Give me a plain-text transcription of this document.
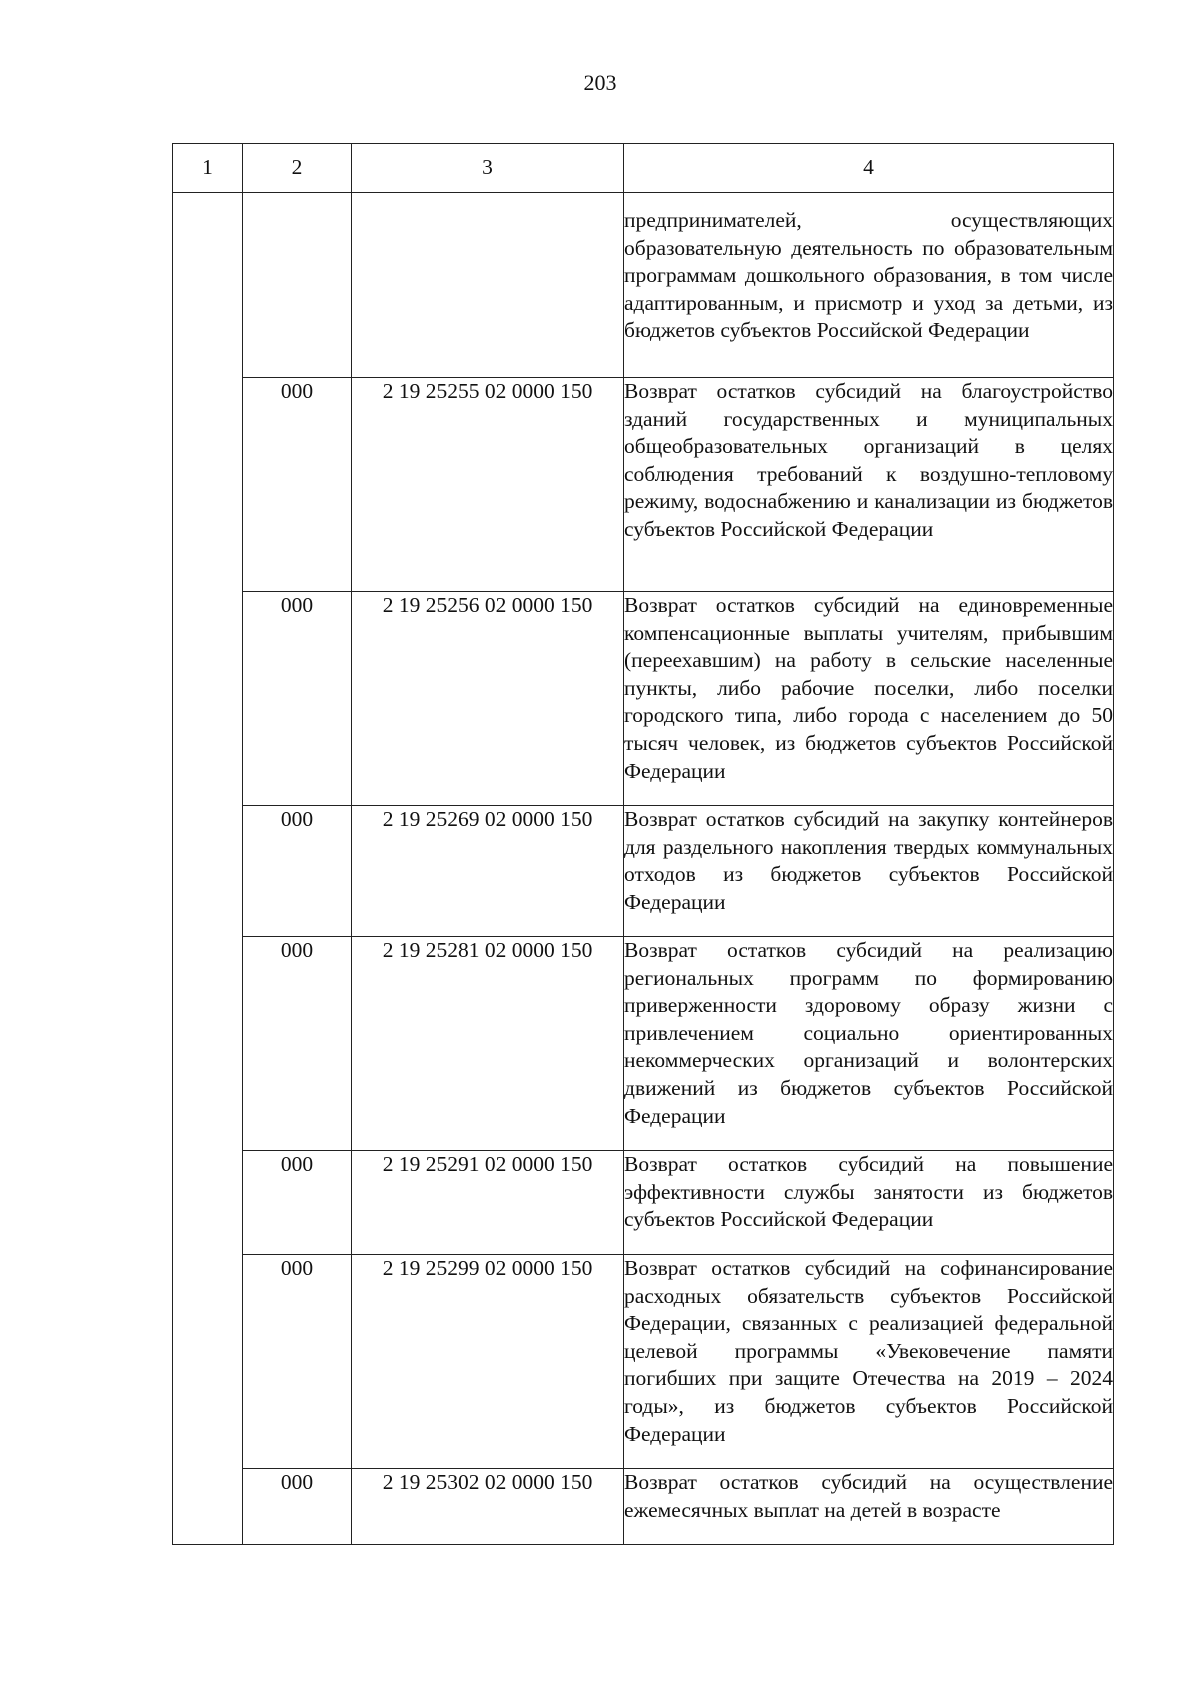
203
1	2	3	4
			предпринимателей, осуществляющих образовательную деятельность по образовательным программам дошкольного образования, в том числе адаптированным, и присмотр и уход за детьми, из бюджетов субъектов Российской Федерации
	000	2 19 25255 02 0000 150	Возврат остатков субсидий на благоустройство зданий государственных и муниципальных общеобразовательных организаций в целях соблюдения требований к воздушно-тепловому режиму, водоснабжению и канализации из бюджетов субъектов Российской Федерации
	000	2 19 25256 02 0000 150	Возврат остатков субсидий на единовременные компенсационные выплаты учителям, прибывшим (переехавшим) на работу в сельские населенные пункты, либо рабочие поселки, либо поселки городского типа, либо города с населением до 50 тысяч человек, из бюджетов субъектов Российской Федерации
	000	2 19 25269 02 0000 150	Возврат остатков субсидий на закупку контейнеров для раздельного накопления твердых коммунальных отходов из бюджетов субъектов Российской Федерации
	000	2 19 25281 02 0000 150	Возврат остатков субсидий на реализацию региональных программ по формированию приверженности здоровому образу жизни с привлечением социально ориентированных некоммерческих организаций и волонтерских движений из бюджетов субъектов Российской Федерации
	000	2 19 25291 02 0000 150	Возврат остатков субсидий на повышение эффективности службы занятости из бюджетов субъектов Российской Федерации
	000	2 19 25299 02 0000 150	Возврат остатков субсидий на софинансирование расходных обязательств субъектов Российской Федерации, связанных с реализацией федеральной целевой программы «Увековечение памяти погибших при защите Отечества на 2019 – 2024 годы», из бюджетов субъектов Российской Федерации
	000	2 19 25302 02 0000 150	Возврат остатков субсидий на осуществление ежемесячных выплат на детей в возрасте
